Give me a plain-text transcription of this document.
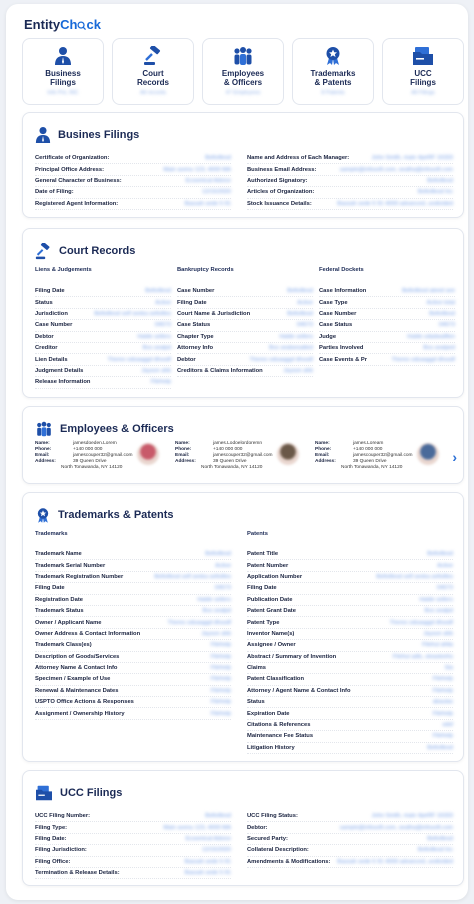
EntityCh ck
Business
Filings
Info Pvt, INC
Court
Records
All records
Employees
& Officers
47 Employees
Trademarks
& Patents
8 Patents
UCC
Filings
All Filings
Busines Filings
Certificate of Organization:	Bellvillesd
Principal Office Address:	Main avenu 123, 4000 MA
General Character of Business:	Ecoomical Advice
Date of Filing:	12/15/2020
Registered Agent Information:	Bassah sede 5 91
Name and Address of Each Manager:	John Smith, main 4peRF 16333
Business Email Address:	sample@infosoft.com, sealha@infosoft.com
Authorized Signatory:	Bellvillesd
Articles of Organization:	Bellvillesd Inc
Stock Issuance Details:	Bassah sede 5 91 4000 advanced, undivided
Court Records
Liens & Judgements
Filing Date	Bellvillesd
Status	Active
Jurisdiction	Bellvillesd self seeka sellvilles
Case Number	04573
Debtor	Halde sellers
Creditor	Bvs sealpd
Lien Details	Theres sdsaaggd dhssdf
Judgment Details	Jayson ahb
Release Information	Filehelp
Bankruptcy Records
Case Number	Bellvillesd
Filing Date	Active
Court Name & Jurisdiction	Bellvillesd
Case Status	04573
Chapter Type	Halde sellers
Attorney Info	Bvs sealsesatted
Debtor	Theres sdsaaggd dhssdf
Creditors & Claims Information	Jayson ahb
Federal Dockets
Case Information	Bellvillesd ateed see
Case Type	Active total
Case Number	Bellvillesd
Case Status	04573
Judge	Halde sdadwalften
Parties Involved	Bvs sealped
Case Events & Pr	Theres sdsaaggd dhssdf
Employees & Officers
Name:	jamesdoeden.Lorem
Phone:	+140 000 000
Email:	jamescouper32@gmail.com
Address:	39 Queen Drive
North Tonawanda, NY 14120
Name:	james.Lodoelordoremn
Phone:	+140 000 000
Email:	jamescouper32@gmail.com
Address:	39 Queen Drive
North Tonawanda, NY 14120
Name:	james.Loream
Phone:	+140 000 000
Email:	jamescouper32@gmail.com
Address:	39 Queen Drive
North Tonawanda, NY 14120
›
Trademarks & Patents
Trademarks
Trademark Name	Bellvillesd
Trademark Serial Number	Active
Trademark Registration Number	Bellvillesd self seeka sellvilles
Filing Date	04573
Registration Date	Halde sellers
Trademark Status	Bvs sealpd
Owner / Applicant Name	Theres sdsaaggd dhssdf
Owner Address & Contact Information	Jayson ahb
Trademark Class(es)	Filehelp
Description of Goods/Services	Filehelp
Attorney Name & Contact Info	Filehelp
Specimen / Example of Use	Filehelp
Renewal & Maintenance Dates	Filehelp
USPTO Office Actions & Responses	Filehelp
Assignment / Ownership History	Filehelp
Patents
Patent Title	Bellvillesd
Patent Number	Active
Application Number	Bellvillesd self seeka sellvilles
Filing Date	04573
Publication Date	Halde sellers
Patent Grant Date	Bvs sealpd
Patent Type	Theres sdsaaggd dhssdf
Inventor Name(s)	Jayson ahb
Assignee / Owner	Filehul ahlia
Abstract / Summary of Invention	Filehul adls, sleasteehs
Claims	Sia
Patent Classification	Filehelp
Attorney / Agent Name & Contact Info	Filehelp
Status	abaulas
Expiration Date	Filehelp
Citations & References	sdsf
Maintenance Fee Status	Filehelp
Litigation History	Bellvillesd
UCC Filings
UCC Filing Number:	Bellvillesd
Filing Type:	Main avenu 123, 4000 MA
Filing Date:	Ecoomical Advice
Filing Jurisdiction:	12/15/2020
Filing Office:	Bassah sede 5 91
Termination & Release Details:	Bassah sede 5 91
UCC Filing Status:	John Smith, main 4peRF 16333
Debtor:	sample@infosoft.com, sealha@infosoft.com
Secured Party:	Bellvillesd
Collateral Description:	Bellvillesd Inc
Amendments & Modifications: Bassah sede 5 91 4000 advanced, undivided
